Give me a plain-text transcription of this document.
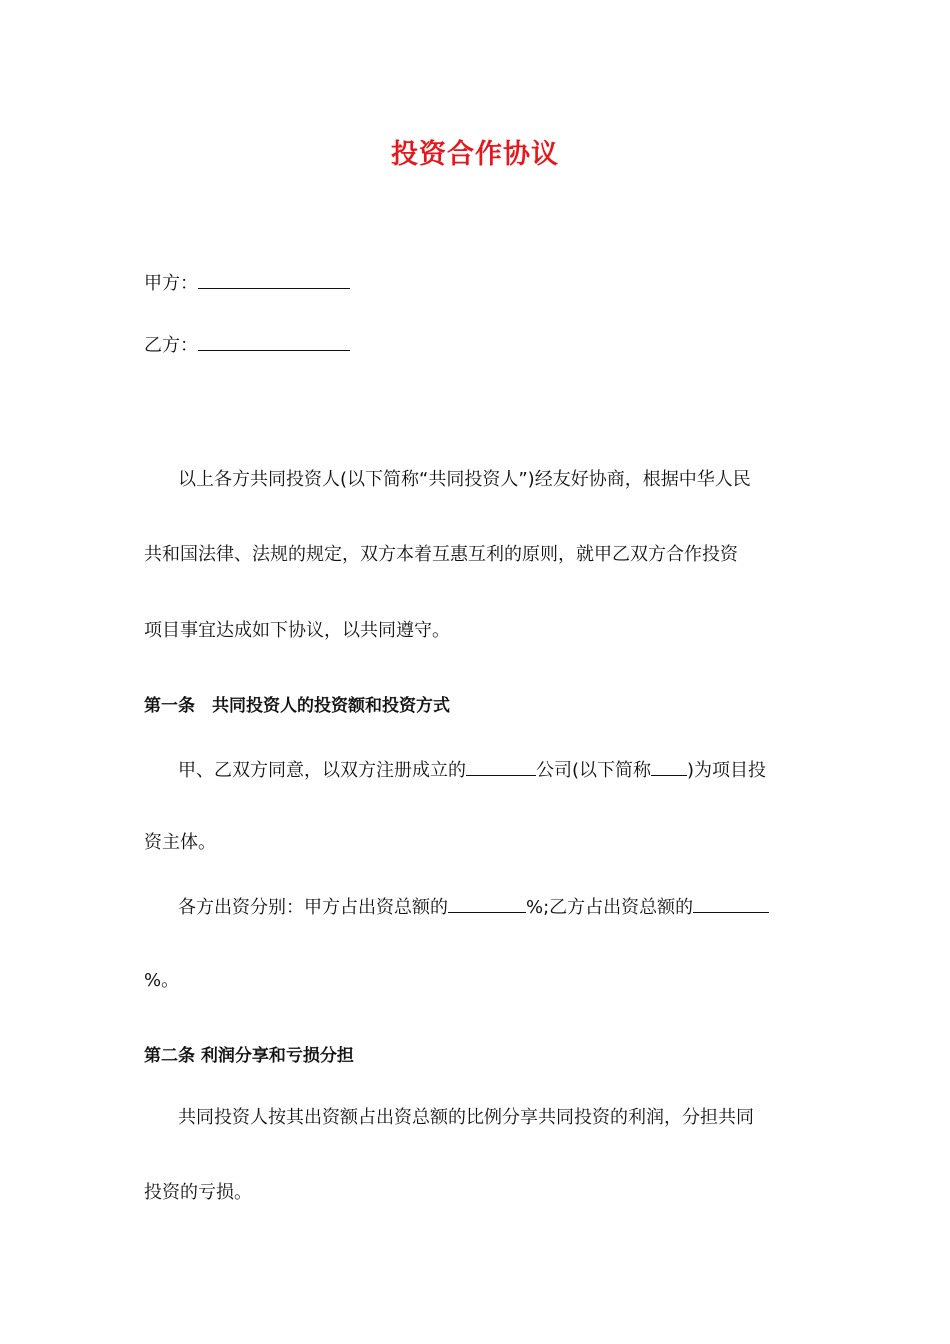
投资合作协议
甲方：
乙方：
以上各方共同投资人(以下简称“共同投资人”)经友好协商，根据中华人民
共和国法律、法规的规定，双方本着互惠互利的原则，就甲乙双方合作投资
项目事宜达成如下协议，以共同遵守。
第一条　共同投资人的投资额和投资方式
甲、乙双方同意，以双方注册成立的	公司(以下简称 )为项目投
资主体。
各方出资分别：甲方占出资总额的	%;乙方占出资总额的
%。
第二条 利润分享和亏损分担
共同投资人按其出资额占出资总额的比例分享共同投资的利润，分担共同
投资的亏损。
